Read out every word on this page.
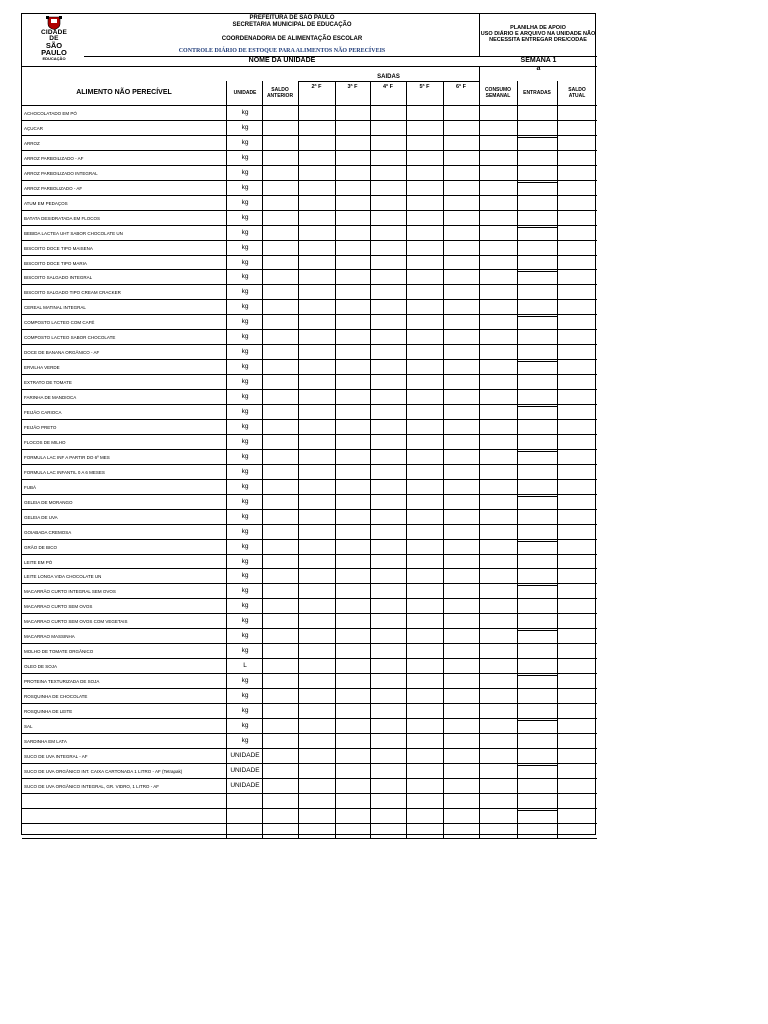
CIDADE DE
SÃO PAULO
EDUCAÇÃO
PREFEITURA DE SÃO PAULO
SECRETARIA MUNICIPAL DE EDUCAÇÃO
COORDENADORIA DE ALIMENTAÇÃO ESCOLAR
CONTROLE DIÁRIO DE ESTOQUE PARA ALIMENTOS NÃO PERECÍVEIS
PLANILHA DE APOIO
USO DIÁRIO E ARQUIVO NA UNIDADE NÃO
NECESSITA ENTREGAR DRE/CODAE
NOME DA UNIDADE	SEMANA 1
a
SAIDAS
ALIMENTO NÃO PERECÍVEL	UNIDADE	SALDO
ANTERIOR
2ª F	3ª F	4ª F	5ª F	6ª F	CONSUMO
SEMANAL	ENTRADAS	SALDO
ATUAL
ACHOCOLATADO EM PÓ	kg
AÇUCAR	kg
ARROZ	kg
ARROZ PARBOILIZADO - AF	kg
ARROZ PARBOILIZADO INTEGRAL	kg
ARROZ PARBOLIZADO - AF	kg
ATUM EM PEDAÇOS	kg
BATATA DESIDRATADA EM FLOCOS	kg
BEBIDA LACTEA UHT SABOR CHOCOLATE UN	kg
BISCOITO DOCE TIPO MAISENA	kg
BISCOITO DOCE TIPO MARIA	kg
BISCOITO SALGADO INTEGRAL	kg
BISCOITO SALGADO TIPO CREAM CRACKER	kg
CEREAL MATINAL INTEGRAL	kg
COMPOSTO LACTEO COM CAFÉ	kg
COMPOSTO LACTEO SABOR CHOCOLATE	kg
DOCE DE BANANA ORGÂNICO - AF	kg
ERVILHA VERDE	kg
EXTRATO DE TOMATE	kg
FARINHA DE MANDIOCA	kg
FEIJÃO CARIOCA	kg
FEIJÃO PRETO	kg
FLOCOS DE MILHO	kg
FORMULA LAC INF A PARTIR DO 6º MES	kg
FORMULA LAC INFANTIL 0 A 6 MESES	kg
FUBÁ	kg
GELEIA DE MORANGO	kg
GELEIA DE UVA	kg
GOIABADA CREMOSA	kg
GRÃO DE BICO	kg
LEITE EM PÓ	kg
LEITE LONGA VIDA CHOCOLATE UN	kg
MACARRÃO CURTO INTEGRAL SEM OVOS	kg
MACARRAO CURTO SEM OVOS	kg
MACARRAO CURTO SEM OVOS COM VEGETAIS	kg
MACARRAO MASSINHA	kg
MOLHO DE TOMATE ORGÂNICO	kg
OLEO DE SOJA	L
PROTEINA TEXTURIZADA DE SOJA	kg
ROSQUINHA DE CHOCOLATE	kg
ROSQUINHA DE LEITE	kg
SAL	kg
SARDINHA EM LATA	kg
SUCO DE UVA INTEGRAL - AF	UNIDADE
SUCO DE UVA ORGÂNICO INT. CAIXA CARTONADA 1 LITRO - AF (Tetrapak)	UNIDADE
SUCO DE UVA ORGÂNICO INTEGRAL, GR. VIDRO, 1 LITRO - AF	UNIDADE
